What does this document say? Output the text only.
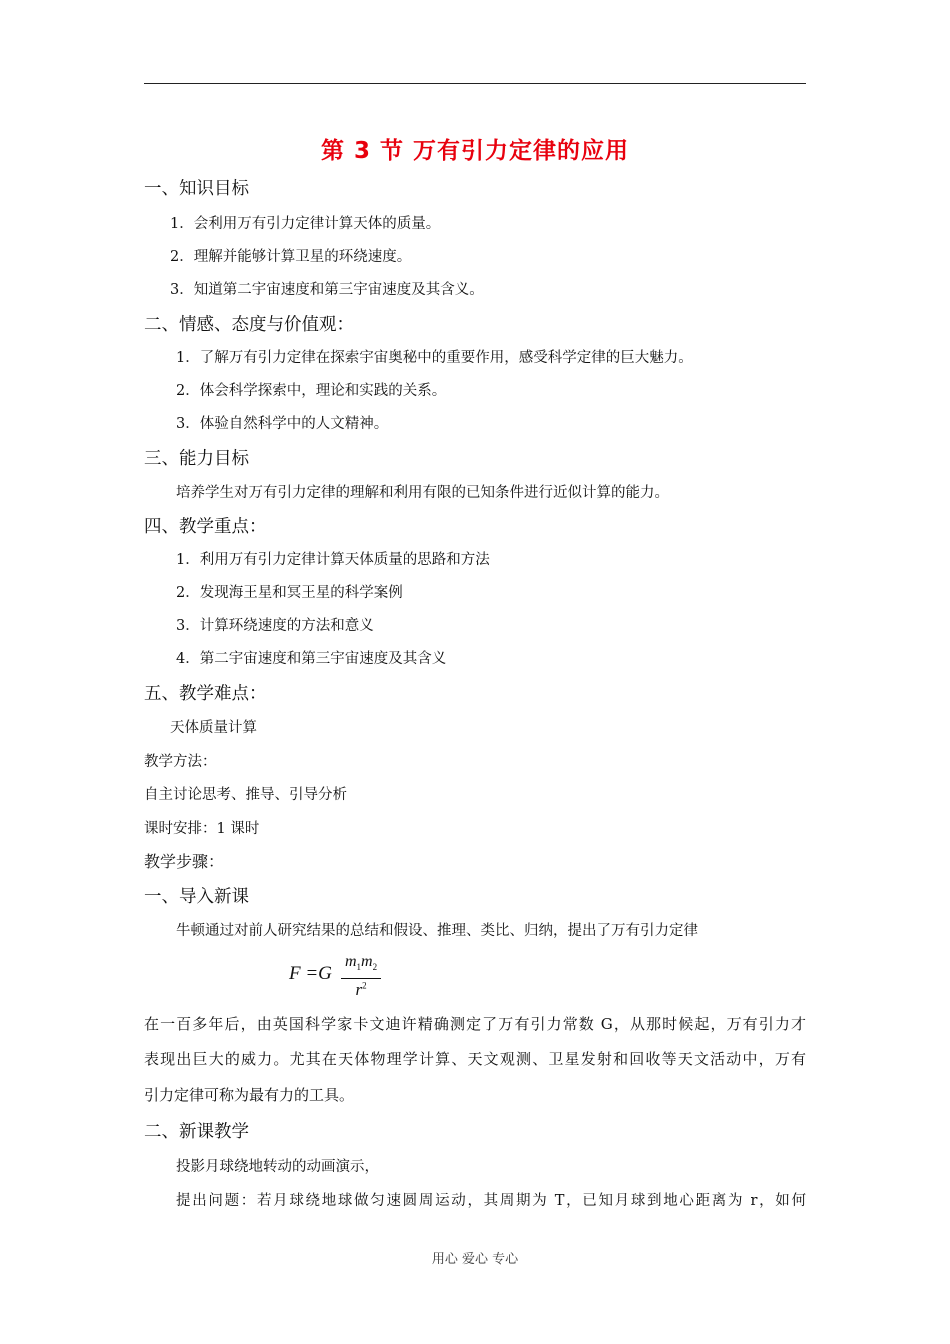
第 3 节 万有引力定律的应用
一、知识目标
1．会利用万有引力定律计算天体的质量。
2．理解并能够计算卫星的环绕速度。
3．知道第二宇宙速度和第三宇宙速度及其含义。
二、情感、态度与价值观：
1．了解万有引力定律在探索宇宙奥秘中的重要作用，感受科学定律的巨大魅力。
2．体会科学探索中，理论和实践的关系。
3．体验自然科学中的人文精神。
三、能力目标
培养学生对万有引力定律的理解和利用有限的已知条件进行近似计算的能力。
四、教学重点：
1．利用万有引力定律计算天体质量的思路和方法
2．发现海王星和冥王星的科学案例
3．计算环绕速度的方法和意义
4．第二宇宙速度和第三宇宙速度及其含义
五、教学难点：
天体质量计算
教学方法：
自主讨论思考、推导、引导分析
课时安排：1 课时
教学步骤：
一、导入新课
牛顿通过对前人研究结果的总结和假设、推理、类比、归纳，提出了万有引力定律
F =G
$m_1m_2$
$r^2$
在一百多年后，由英国科学家卡文迪许精确测定了万有引力常数 G，从那时候起，万有引力才
表现出巨大的威力。尤其在天体物理学计算、天文观测、卫星发射和回收等天文活动中，万有
引力定律可称为最有力的工具。
二、新课教学
投影月球绕地转动的动画演示，
提出问题：若月球绕地球做匀速圆周运动，其周期为 T，已知月球到地心距离为 r，如何
用心 爱心 专心
